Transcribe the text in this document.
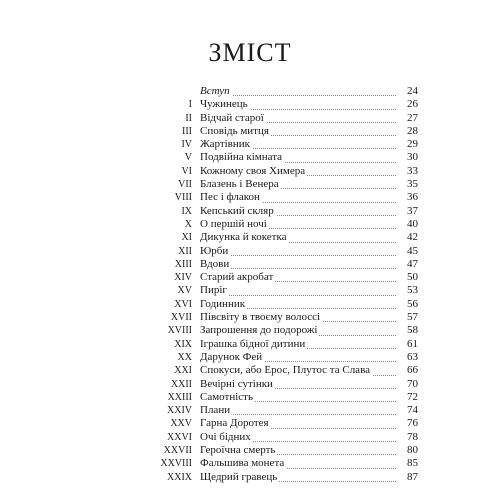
ЗМІСТ
Вступ	24
I Чужинець	26
II Відчай старої	27
III Сповідь митця	28
IV Жартівник	29
V Подвійна кімната	30
VI Кожному своя Химера	33
VII Блазень і Венера	35
VIII Пес і флакон	36
IX Кепський скляр	37
X О першій ночі	40
XI Дикунка й кокетка	42
XII Юрби	45
XIII Вдови	47
XIV Старий акробат	50
XV Пиріг	53
XVI Годинник	56
XVII Півсвіту в твоєму волоссі	57
XVIII Запрошення до подорожі	58
XIX Іграшка бідної дитини	61
XX Дарунок Фей	63
XXI Спокуси, або Ерос, Плутос та Слава	66
XXII Вечірні сутінки	70
XXIII Самотність	72
XXIV Плани	74
XXV Гарна Доротея	76
XXVI Очі бідних	78
XXVII Героїчна смерть	80
XXVIII Фальшива монета	85
XXIX Щедрий гравець	87
